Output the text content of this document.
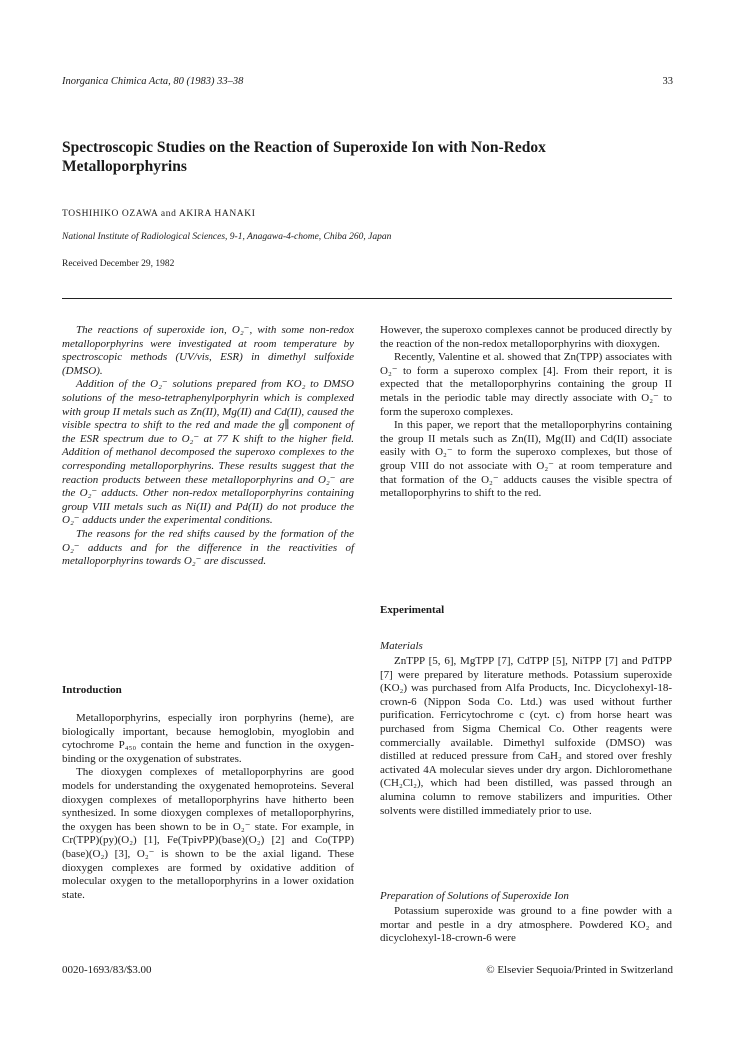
Inorganica Chimica Acta, 80 (1983) 33–38	33
Spectroscopic Studies on the Reaction of Superoxide Ion with Non-Redox Metalloporphyrins
TOSHIHIKO OZAWA and AKIRA HANAKI
National Institute of Radiological Sciences, 9-1, Anagawa-4-chome, Chiba 260, Japan
Received December 29, 1982

The reactions of superoxide ion, O₂⁻, with some non-redox metalloporphyrins were investigated at room temperature by spectroscopic methods (UV/vis, ESR) in dimethyl sulfoxide (DMSO).

Addition of the O₂⁻ solutions prepared from KO₂ to DMSO solutions of the meso-tetraphenylporphyrin which is complexed with group II metals such as Zn(II), Mg(II) and Cd(II), caused the visible spectra to shift to the red and made the g∥ component of the ESR spectrum due to O₂⁻ at 77 K shift to the higher field. Addition of methanol decomposed the superoxo complexes to the corresponding metalloporphyrins. These results suggest that the reaction products between these metalloporphyrins and O₂⁻ are the O₂⁻ adducts. Other non-redox metalloporphyrins containing group VIII metals such as Ni(II) and Pd(II) do not produce the O₂⁻ adducts under the experimental conditions.

The reasons for the red shifts caused by the formation of the O₂⁻ adducts and for the difference in the reactivities of metalloporphyrins towards O₂⁻ are discussed.

Introduction

Metalloporphyrins, especially iron porphyrins (heme), are biologically important, because hemoglobin, myoglobin and cytochrome P₄₅₀ contain the heme and function in the oxygen-binding or the oxygenation of substrates.

The dioxygen complexes of metalloporphyrins are good models for understanding the oxygenated hemoproteins. Several dioxygen complexes of metalloporphyrins have hitherto been synthesized. In some dioxygen complexes of metalloporphyrins, the oxygen has been shown to be in O₂⁻ state. For example, in Cr(TPP)(py)(O₂) [1], Fe(TpivPP)(base)(O₂) [2] and Co(TPP)(base)(O₂) [3], O₂⁻ is shown to be the axial ligand. These dioxygen complexes are formed by oxidative addition of molecular oxygen to the metalloporphyrins in a lower oxidation state.

However, the superoxo complexes cannot be produced directly by the reaction of the non-redox metalloporphyrins with dioxygen.

Recently, Valentine et al. showed that Zn(TPP) associates with O₂⁻ to form a superoxo complex [4]. From their report, it is expected that the metalloporphyrins containing the group II metals in the periodic table may directly associate with O₂⁻ to form the superoxo complexes.

In this paper, we report that the metalloporphyrins containing the group II metals such as Zn(II), Mg(II) and Cd(II) associate easily with O₂⁻ to form the superoxo complexes, but those of group VIII do not associate with O₂⁻ at room temperature and that formation of the O₂⁻ adducts causes the visible spectra of metalloporphyrins to shift to the red.

Experimental
Materials

ZnTPP [5, 6], MgTPP [7], CdTPP [5], NiTPP [7] and PdTPP [7] were prepared by literature methods. Potassium superoxide (KO₂) was purchased from Alfa Products, Inc. Dicyclohexyl-18-crown-6 (Nippon Soda Co. Ltd.) was used without further purification. Ferricytochrome c (cyt. c) from horse heart was purchased from Sigma Chemical Co. Other reagents were commercially available. Dimethyl sulfoxide (DMSO) was distilled at reduced pressure from CaH₂ and stored over freshly activated 4A molecular sieves under dry argon. Dichloromethane (CH₂Cl₂), which had been distilled, was passed through an alumina column to remove stabilizers and impurities. Other solvents were distilled immediately prior to use.

Preparation of Solutions of Superoxide Ion

Potassium superoxide was ground to a fine powder with a mortar and pestle in a dry atmosphere. Powdered KO₂ and dicyclohexyl-18-crown-6 were

0020-1693/83/$3.00	© Elsevier Sequoia/Printed in Switzerland
